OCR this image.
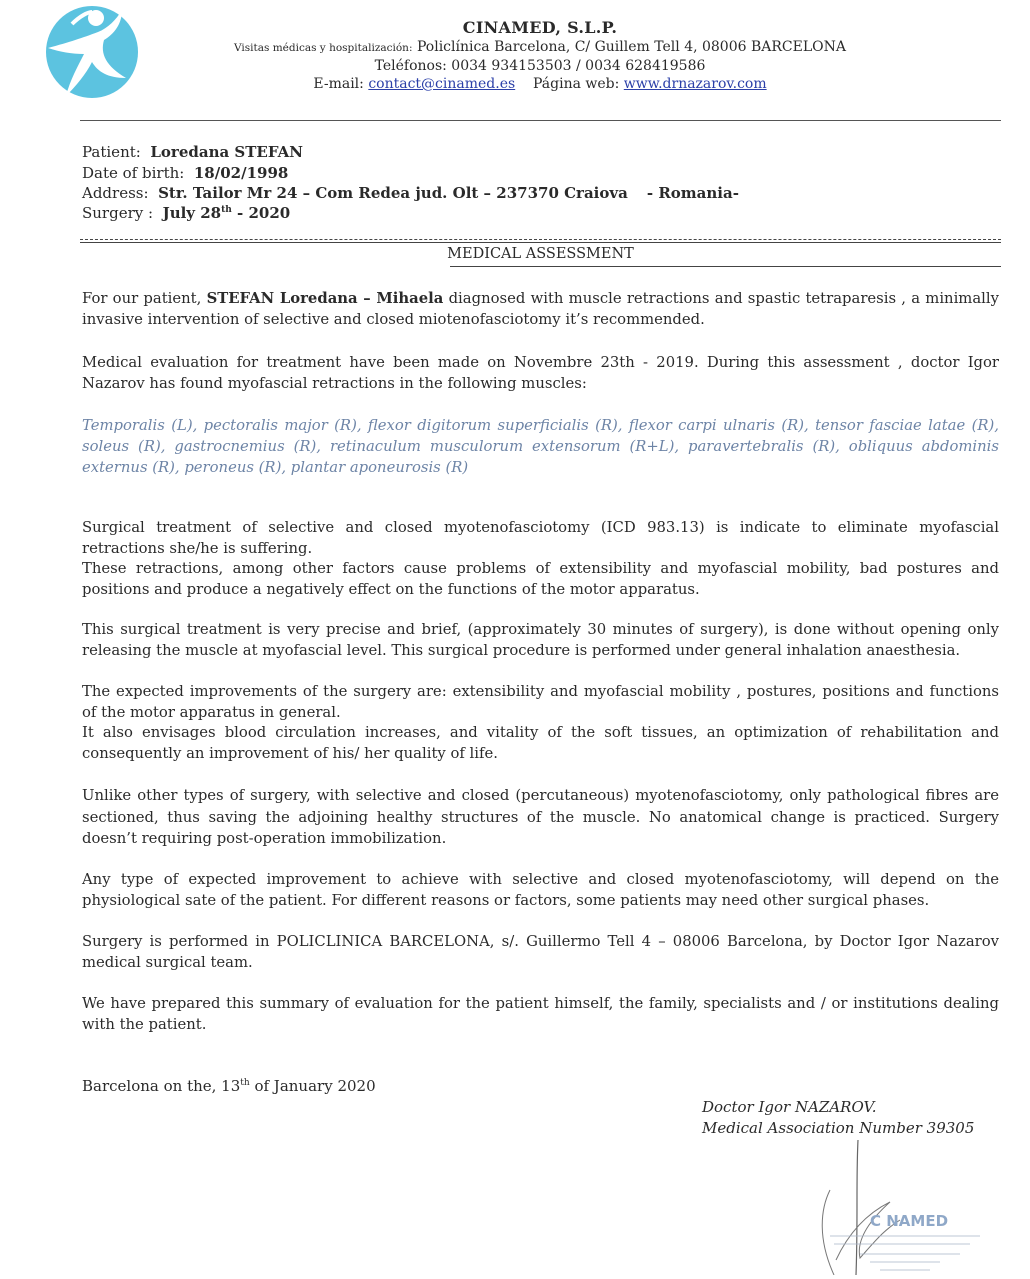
CINAMED, S.L.P.
Visitas médicas y hospitalización: Policlínica Barcelona, C/ Guillem Tell 4, 08006 BARCELONA
Teléfonos: 0034 934153503 / 0034 628419586
E-mail: contact@cinamed.es Página web: www.drnazarov.com
Patient: Loredana STEFAN
Date of birth: 18/02/1998
Address: Str. Tailor Mr 24 – Com Redea jud. Olt – 237370 Craiova - Romania-
Surgery : July 28th - 2020
MEDICAL ASSESSMENT

For our patient, STEFAN Loredana – Mihaela diagnosed with muscle retractions and spastic tetraparesis , a minimally invasive intervention of selective and closed miotenofasciotomy it’s recommended.

Medical evaluation for treatment have been made on Novembre 23th - 2019. During this assessment , doctor Igor Nazarov has found myofascial retractions in the following muscles:

Temporalis (L), pectoralis major (R), flexor digitorum superficialis (R), flexor carpi ulnaris (R), tensor fasciae latae (R), soleus (R), gastrocnemius (R), retinaculum musculorum extensorum (R+L), paravertebralis (R), obliquus abdominis externus (R), peroneus (R), plantar aponeurosis (R)

Surgical treatment of selective and closed myotenofasciotomy (ICD 983.13) is indicate to eliminate myofascial retractions she/he is suffering.
These retractions, among other factors cause problems of extensibility and myofascial mobility, bad postures and positions and produce a negatively effect on the functions of the motor apparatus.

This surgical treatment is very precise and brief, (approximately 30 minutes of surgery), is done without opening only releasing the muscle at myofascial level. This surgical procedure is performed under general inhalation anaesthesia.

The expected improvements of the surgery are: extensibility and myofascial mobility , postures, positions and functions of the motor apparatus in general.
It also envisages blood circulation increases, and vitality of the soft tissues, an optimization of rehabilitation and consequently an improvement of his/ her quality of life.

Unlike other types of surgery, with selective and closed (percutaneous) myotenofasciotomy, only pathological fibres are sectioned, thus saving the adjoining healthy structures of the muscle. No anatomical change is practiced. Surgery doesn’t requiring post-operation immobilization.

Any type of expected improvement to achieve with selective and closed myotenofasciotomy, will depend on the physiological sate of the patient. For different reasons or factors, some patients may need other surgical phases.

Surgery is performed in POLICLINICA BARCELONA, s/. Guillermo Tell 4 – 08006 Barcelona, by Doctor Igor Nazarov medical surgical team.

We have prepared this summary of evaluation for the patient himself, the family, specialists and / or institutions dealing with the patient.

Barcelona on the, 13th of January 2020
Doctor Igor NAZAROV.
Medical Association Number 39305
C NAMED
